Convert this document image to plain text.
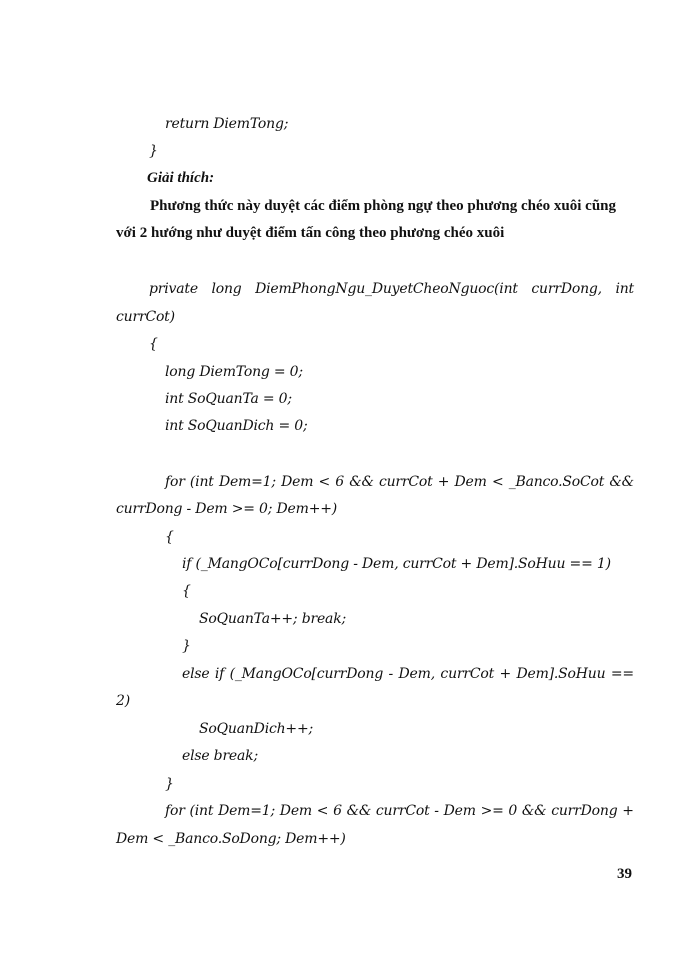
return DiemTong;
}
Giải thích:
Phương thức này duyệt các điểm phòng ngự theo phương chéo xuôi cũng
với 2 hướng như duyệt điểm tấn công theo phương chéo xuôi
private long DiemPhongNgu_DuyetCheoNguoc(int currDong, int
currCot)
{
long DiemTong = 0;
int SoQuanTa = 0;
int SoQuanDich = 0;
for (int Dem=1; Dem < 6 && currCot + Dem < _Banco.SoCot &&
currDong - Dem >= 0; Dem++)
{
if (_MangOCo[currDong - Dem, currCot + Dem].SoHuu == 1)
{
SoQuanTa++; break;
}
else if (_MangOCo[currDong - Dem, currCot + Dem].SoHuu ==
2)
SoQuanDich++;
else break;
}
for (int Dem=1; Dem < 6 && currCot - Dem >= 0 && currDong +
Dem < _Banco.SoDong; Dem++)
39
